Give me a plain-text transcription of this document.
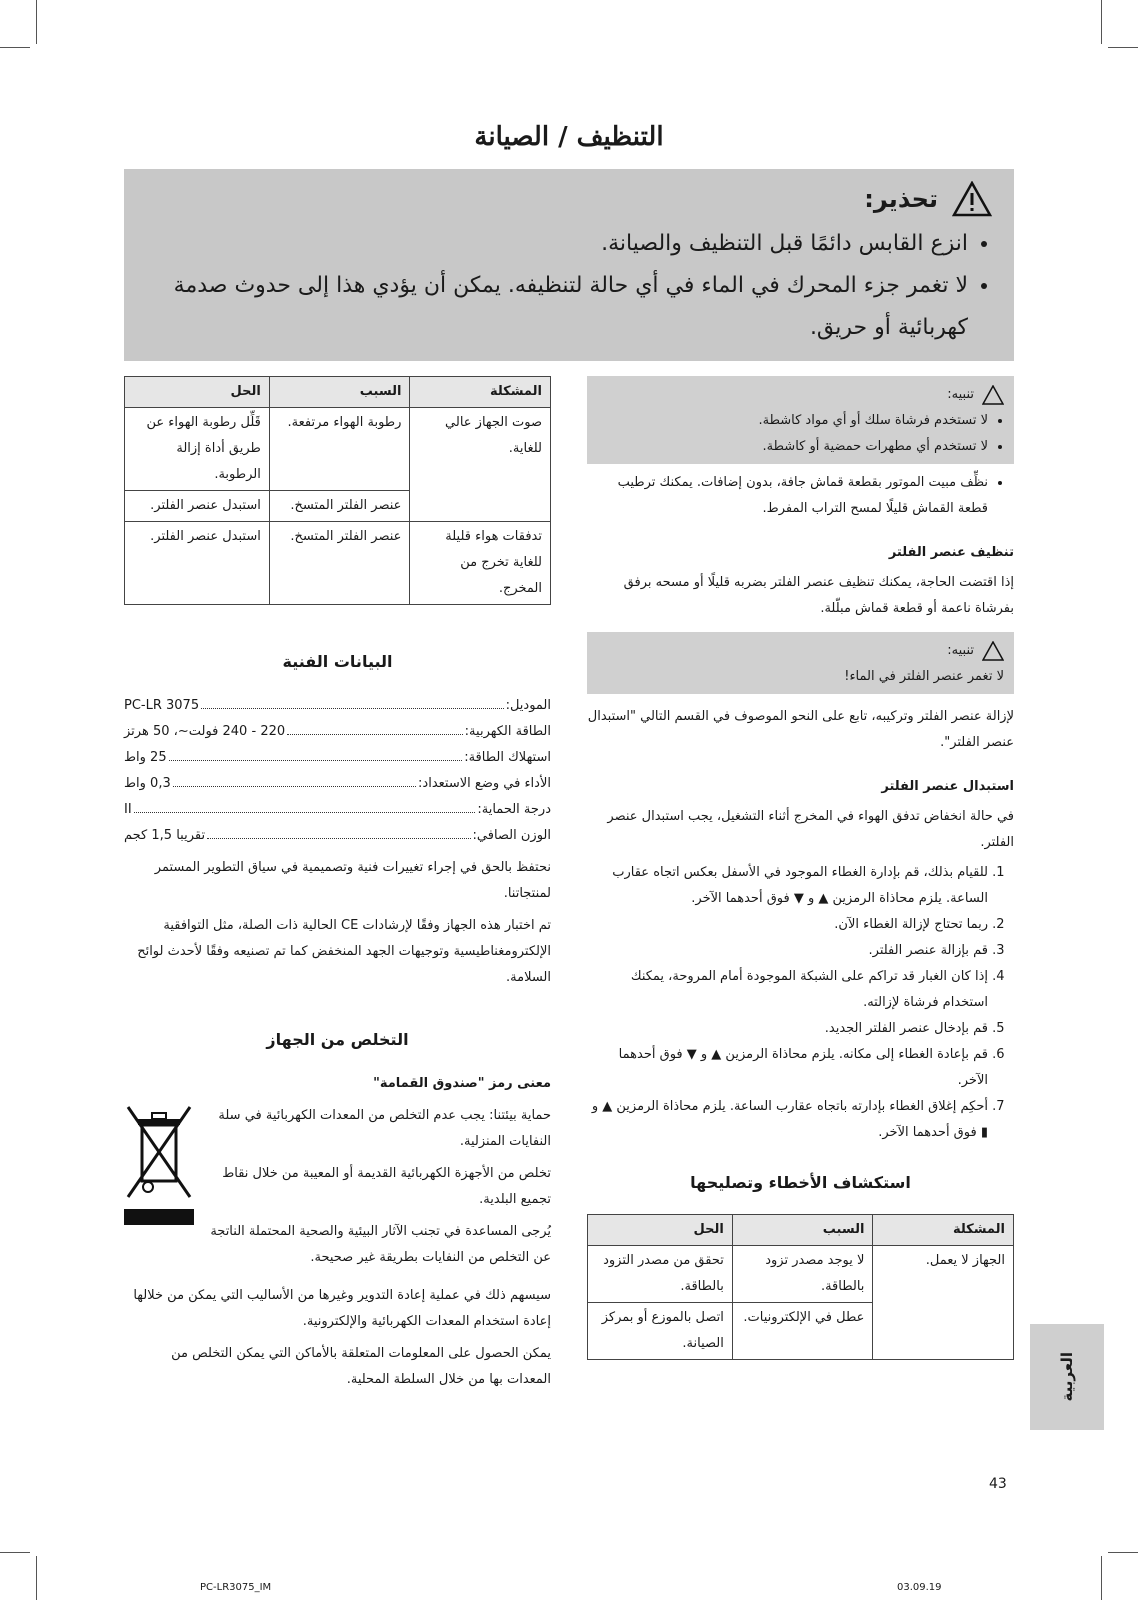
التنظيف / الصيانة
تحذير:
• انزع القابس دائمًا قبل التنظيف والصيانة.
• لا تغمر جزء المحرك في الماء في أي حالة لتنظيفه. يمكن أن يؤدي هذا إلى حدوث صدمة كهربائية أو حريق.
تنبيه:
• لا تستخدم فرشاة سلك أو أي مواد كاشطة.
• لا تستخدم أي مطهرات حمضية أو كاشطة.
• نظِّف مبيت الموتور بقطعة قماش جافة، بدون إضافات. يمكنك ترطيب قطعة القماش قليلًا لمسح التراب المفرط.
تنظيف عنصر الفلتر

إذا اقتضت الحاجة، يمكنك تنظيف عنصر الفلتر بضربه قليلًا أو مسحه برفق بفرشاة ناعمة أو قطعة قماش مبلّلة.

تنبيه:

لا تغمر عنصر الفلتر في الماء!

لإزالة عنصر الفلتر وتركيبه، تابع على النحو الموصوف في القسم التالي "استبدال عنصر الفلتر".

استبدال عنصر الفلتر

في حالة انخفاض تدفق الهواء في المخرج أثناء التشغيل، يجب استبدال عنصر الفلتر.

1. للقيام بذلك، قم بإدارة الغطاء الموجود في الأسفل بعكس اتجاه عقارب الساعة. يلزم محاذاة الرمزين ▲ و ▼ فوق أحدهما الآخر.
2. ربما تحتاج لإزالة الغطاء الآن.
3. قم بإزالة عنصر الفلتر.
4. إذا كان الغبار قد تراكم على الشبكة الموجودة أمام المروحة، يمكنك استخدام فرشاة لإزالته.
5. قم بإدخال عنصر الفلتر الجديد.
6. قم بإعادة الغطاء إلى مكانه. يلزم محاذاة الرمزين ▲ و ▼ فوق أحدهما الآخر.
7. أحكِم إغلاق الغطاء بإدارته باتجاه عقارب الساعة. يلزم محاذاة الرمزين ▲ و ▮ فوق أحدهما الآخر.
استكشاف الأخطاء وتصليحها
المشكلة	السبب	الحل
الجهاز لا يعمل.	لا يوجد مصدر تزود بالطاقة.	تحقق من مصدر التزود بالطاقة.
	عطل في الإلكترونيات.	اتصل بالموزع أو بمركز الصيانة.
المشكلة	السبب	الحل
صوت الجهاز عالي للغاية.	رطوبة الهواء مرتفعة.	قَلِّل رطوبة الهواء عن طريق أداة إزالة الرطوبة.
	عنصر الفلتر المتسخ.	استبدل عنصر الفلتر.
تدفقات هواء قليلة للغاية تخرج من المخرج.	عنصر الفلتر المتسخ.	استبدل عنصر الفلتر.
البيانات الفنية
الموديل:
PC-LR 3075
الطاقة الكهربية:
220 - 240 فولت~، 50 هرتز
استهلاك الطاقة:
25 واط
الأداء في وضع الاستعداد:
0,3 واط
درجة الحماية:
II
الوزن الصافي:
تقريبا 1,5 كجم

نحتفظ بالحق في إجراء تغييرات فنية وتصميمية في سياق التطوير المستمر لمنتجاتنا.

تم اختبار هذه الجهاز وفقًا لإرشادات CE الحالية ذات الصلة، مثل التوافقية الإلكترومغناطيسية وتوجيهات الجهد المنخفض كما تم تصنيعه وفقًا لأحدث لوائح السلامة.

التخلص من الجهاز
معنى رمز "صندوق القمامة"

حماية بيئتنا: يجب عدم التخلص من المعدات الكهربائية في سلة النفايات المنزلية.

تخلص من الأجهزة الكهربائية القديمة أو المعيبة من خلال نقاط تجميع البلدية.

يُرجى المساعدة في تجنب الآثار البيئية والصحية المحتملة الناتجة عن التخلص من النفايات بطريقة غير صحيحة.

سيسهم ذلك في عملية إعادة التدوير وغيرها من الأساليب التي يمكن من خلالها إعادة استخدام المعدات الكهربائية والإلكترونية.

يمكن الحصول على المعلومات المتعلقة بالأماكن التي يمكن التخلص من المعدات بها من خلال السلطة المحلية.	العربية
43
PC-LR3075_IM	03.09.19
